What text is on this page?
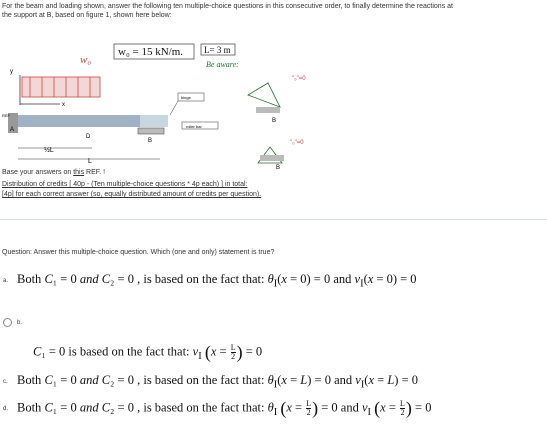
For the beam and loading shown, answer the following ten multiple-choice questions in this consecutive order, to finally determine the reactions at
the support at B, based on figure 1, shown here below:
w₀ = 15 kN/m. L= 3 m
w₀
y
x
REF
A
hinge
roller bar
B
D
½L
L
Be aware:
B
"₀"=0
B
"₀"=0
Base your answers on this REF. !
Distribution of credits [ 40p - (Ten multiple-choice questions * 4p each) ] in total:
[4p] for each correct answer (so, equally distributed amount of credits per question).
Question: Answer this multiple-choice question. Which (one and only) statement is true?
a. Both C₁ = 0 and C₂ = 0 , is based on the fact that: $\theta_I(x = 0) = 0$ and $v_I(x = 0) = 0$
b.
C₁ = 0 is based on the fact that: $v_I$ ($x = \frac{L}{2}$ ) = 0
c. Both C₁ = 0 and C₂ = 0 , is based on the fact that: $\theta_I(x = L) = 0$ and $v_I(x = L) = 0$
d. Both C₁ = 0 and C₂ = 0 , is based on the fact that: $\theta_I$ ($x = \frac{L}{2}$ ) = 0 and $v_I$ ($x = \frac{L}{2}$ ) = 0
